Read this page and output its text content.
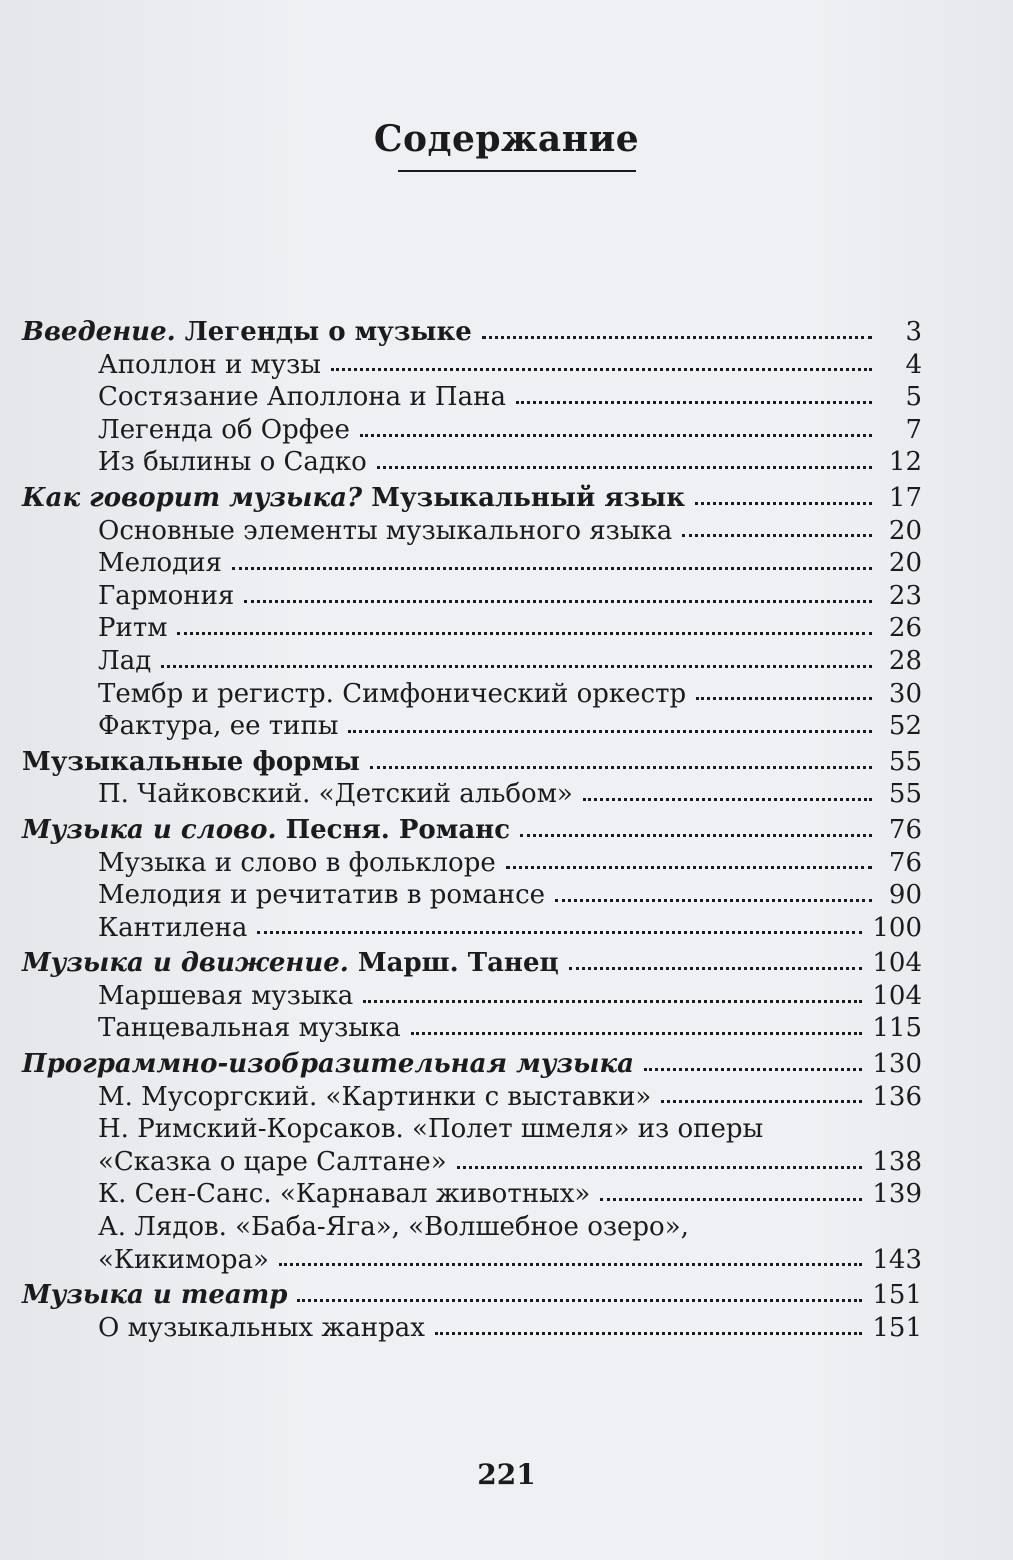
Содержание
Введение. Легенды о музыке	3
Аполлон и музы	4
Состязание Аполлона и Пана	5
Легенда об Орфее	7
Из былины о Садко	12
Как говорит музыка? Музыкальный язык	17
Основные элементы музыкального языка	20
Мелодия	20
Гармония	23
Ритм	26
Лад	28
Тембр и регистр. Симфонический оркестр	30
Фактура, ее типы	52
Музыкальные формы	55
П. Чайковский. «Детский альбом»	55
Музыка и слово. Песня. Романс	76
Музыка и слово в фольклоре	76
Мелодия и речитатив в романсе	90
Кантилена	100
Музыка и движение. Марш. Танец	104
Маршевая музыка	104
Танцевальная музыка	115
Программно-изобразительная музыка	130
М. Мусоргский. «Картинки с выставки»	136
Н. Римский-Корсаков. «Полет шмеля» из оперы
«Сказка о царе Салтане»	138
К. Сен-Санс. «Карнавал животных»	139
А. Лядов. «Баба-Яга», «Волшебное озеро»,
«Кикимора»	143
Музыка и театр	151
О музыкальных жанрах	151
221
